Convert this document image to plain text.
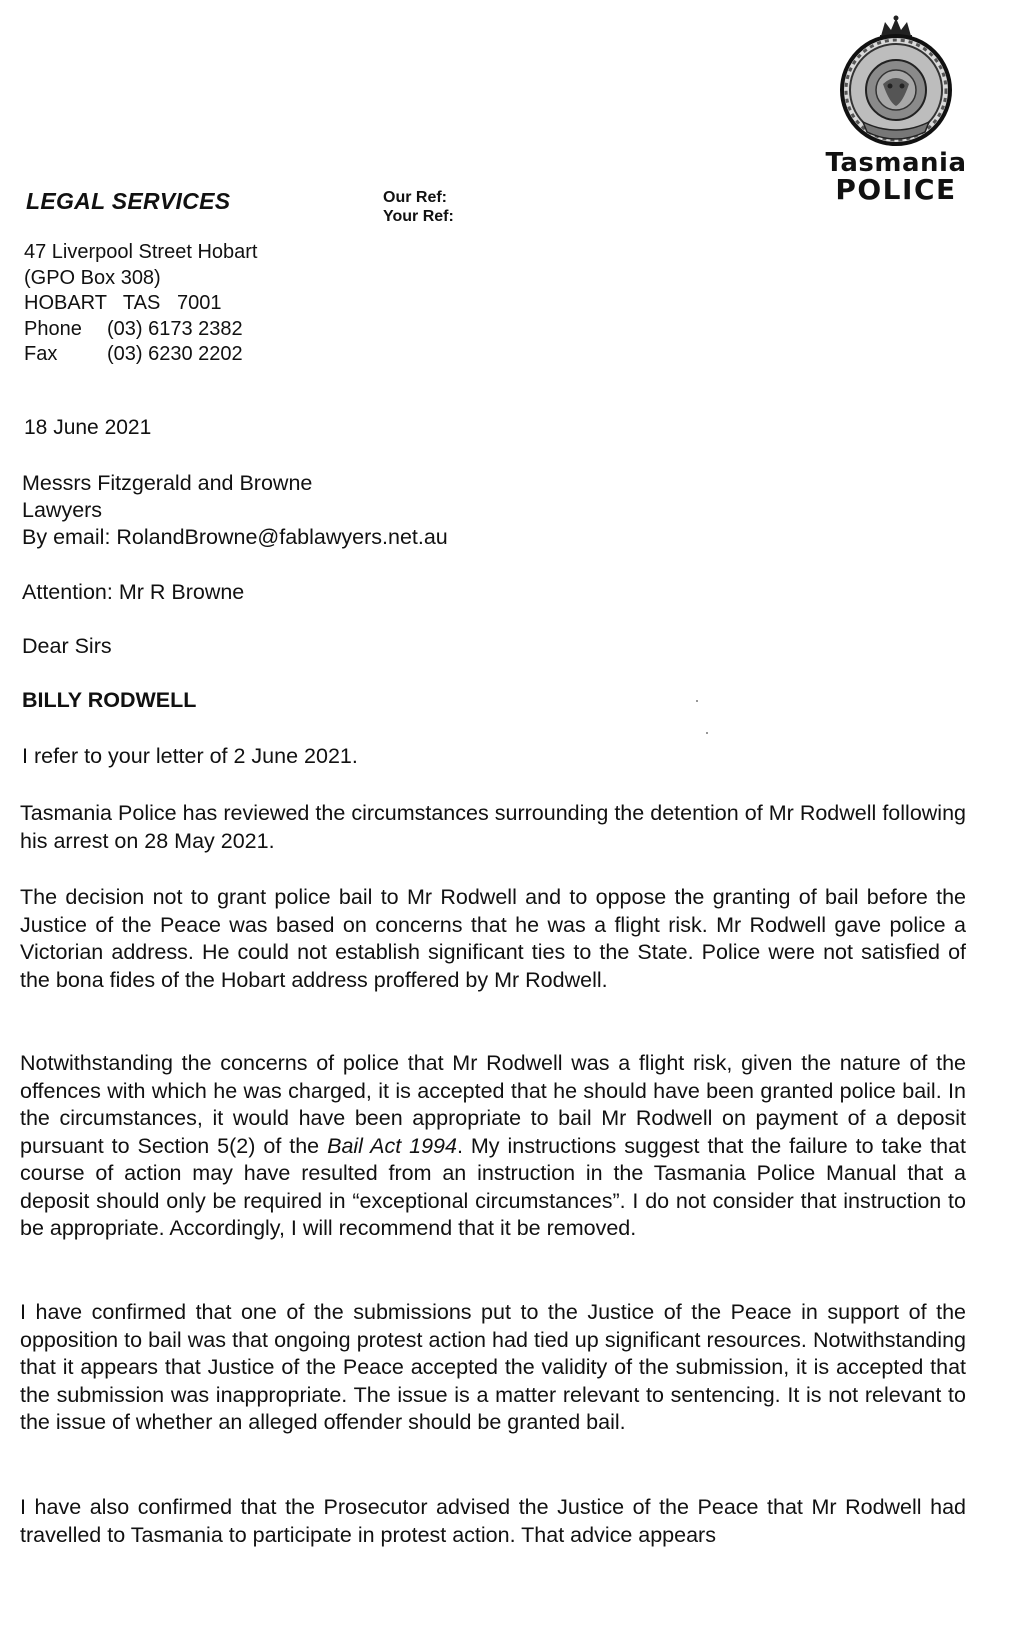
LEGAL SERVICES	Our Ref:
Your Ref:
Tasmania
POLICE
47 Liverpool Street Hobart
(GPO Box 308)
HOBART   TAS   7001
Phone (03) 6173 2382
Fax (03) 6230 2202
18 June 2021
Messrs Fitzgerald and Browne
Lawyers
By email: RolandBrowne@fablawyers.net.au
Attention: Mr R Browne
Dear Sirs
BILLY RODWELL
I refer to your letter of 2 June 2021.
Tasmania Police has reviewed the circumstances surrounding the detention of Mr Rodwell following his arrest on 28 May 2021.
The decision not to grant police bail to Mr Rodwell and to oppose the granting of bail before the Justice of the Peace was based on concerns that he was a flight risk. Mr Rodwell gave police a Victorian address. He could not establish significant ties to the State. Police were not satisfied of the bona fides of the Hobart address proffered by Mr Rodwell.
Notwithstanding the concerns of police that Mr Rodwell was a flight risk, given the nature of the offences with which he was charged, it is accepted that he should have been granted police bail. In the circumstances, it would have been appropriate to bail Mr Rodwell on payment of a deposit pursuant to Section 5(2) of the Bail Act 1994. My instructions suggest that the failure to take that course of action may have resulted from an instruction in the Tasmania Police Manual that a deposit should only be required in “exceptional circumstances”. I do not consider that instruction to be appropriate. Accordingly, I will recommend that it be removed.
I have confirmed that one of the submissions put to the Justice of the Peace in support of the opposition to bail was that ongoing protest action had tied up significant resources. Notwithstanding that it appears that Justice of the Peace accepted the validity of the submission, it is accepted that the submission was inappropriate. The issue is a matter relevant to sentencing. It is not relevant to the issue of whether an alleged offender should be granted bail.
I have also confirmed that the Prosecutor advised the Justice of the Peace that Mr Rodwell had travelled to Tasmania to participate in protest action. That advice appears
